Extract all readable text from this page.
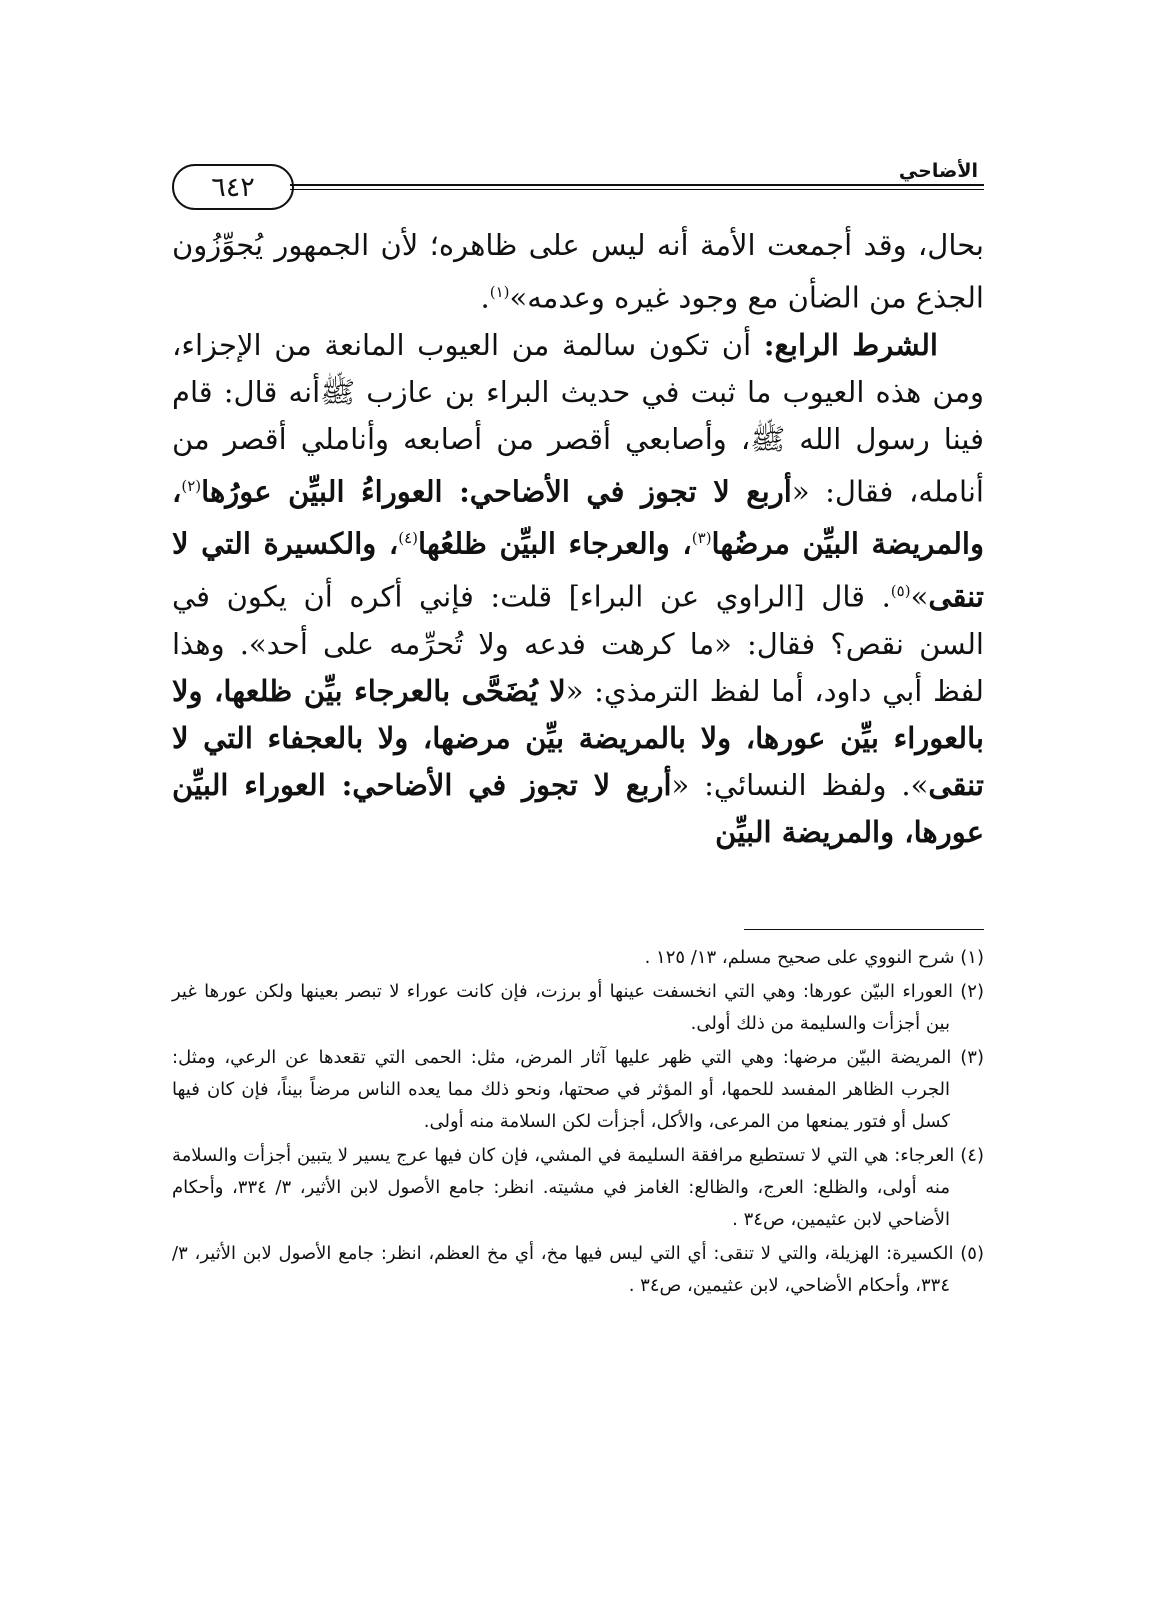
٦٤٢
الأضاحي

بحال، وقد أجمعت الأمة أنه ليس على ظاهره؛ لأن الجمهور يُجوِّزُون الجذع من الضأن مع وجود غيره وعدمه»$^{(١)}$.

الشرط الرابع: أن تكون سالمة من العيوب المانعة من الإجزاء، ومن هذه العيوب ما ثبت في حديث البراء بن عازب ﷺأنه قال: قام فينا رسول الله ﷺ، وأصابعي أقصر من أصابعه وأناملي أقصر من أنامله، فقال: «أربع لا تجوز في الأضاحي: العوراءُ البيِّن عورُها$^{(٢)}$، والمريضة البيِّن مرضُها$^{(٣)}$، والعرجاء البيِّن ظلعُها$^{(٤)}$، والكسيرة التي لا تنقى»$^{(٥)}$. قال [الراوي عن البراء] قلت: فإني أكره أن يكون في السن نقص؟ فقال: «ما كرهت فدعه ولا تُحرِّمه على أحد». وهذا لفظ أبي داود، أما لفظ الترمذي: «لا يُضَحَّى بالعرجاء بيِّن ظلعها، ولا بالعوراء بيِّن عورها، ولا بالمريضة بيِّن مرضها، ولا بالعجفاء التي لا تنقى». ولفظ النسائي: «أربع لا تجوز في الأضاحي: العوراء البيِّن عورها، والمريضة البيِّن

(١) شرح النووي على صحيح مسلم، ١٣/ ١٢٥ .
(٢) العوراء البيّن عورها: وهي التي انخسفت عينها أو برزت، فإن كانت عوراء لا تبصر بعينها ولكن عورها غير بين أجزأت والسليمة من ذلك أولى.
(٣) المريضة البيّن مرضها: وهي التي ظهر عليها آثار المرض، مثل: الحمى التي تقعدها عن الرعي، ومثل: الجرب الظاهر المفسد للحمها، أو المؤثر في صحتها، ونحو ذلك مما يعده الناس مرضاً بيناً، فإن كان فيها كسل أو فتور يمنعها من المرعى، والأكل، أجزأت لكن السلامة منه أولى.
(٤) العرجاء: هي التي لا تستطيع مرافقة السليمة في المشي، فإن كان فيها عرج يسير لا يتبين أجزأت والسلامة منه أولى، والظلع: العرج، والظالع: الغامز في مشيته. انظر: جامع الأصول لابن الأثير، ٣/ ٣٣٤، وأحكام الأضاحي لابن عثيمين، ص٣٤ .
(٥) الكسيرة: الهزيلة، والتي لا تنقى: أي التي ليس فيها مخ، أي مخ العظم، انظر: جامع الأصول لابن الأثير، ٣/ ٣٣٤، وأحكام الأضاحي، لابن عثيمين، ص٣٤ .
